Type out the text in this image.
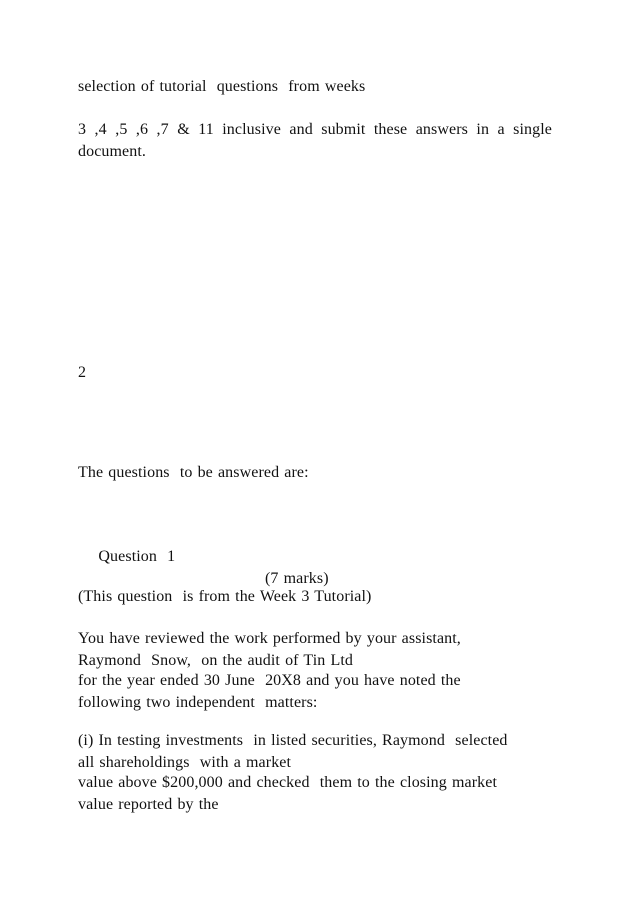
selection of tutorial  questions  from weeks
3 ,4 ,5 ,6 ,7 & 11 inclusive and submit these answers in a single
document.
2
The questions  to be answered are:

Question  1

(7 marks)

(This question  is from the Week 3 Tutorial)
You have reviewed the work performed by your assistant,
Raymond  Snow,  on the audit of Tin Ltd
for the year ended 30 June  20X8 and you have noted the
following two independent  matters:
(i) In testing investments  in listed securities, Raymond  selected
all shareholdings  with a market
value above $200,000 and checked  them to the closing market
value reported by the
